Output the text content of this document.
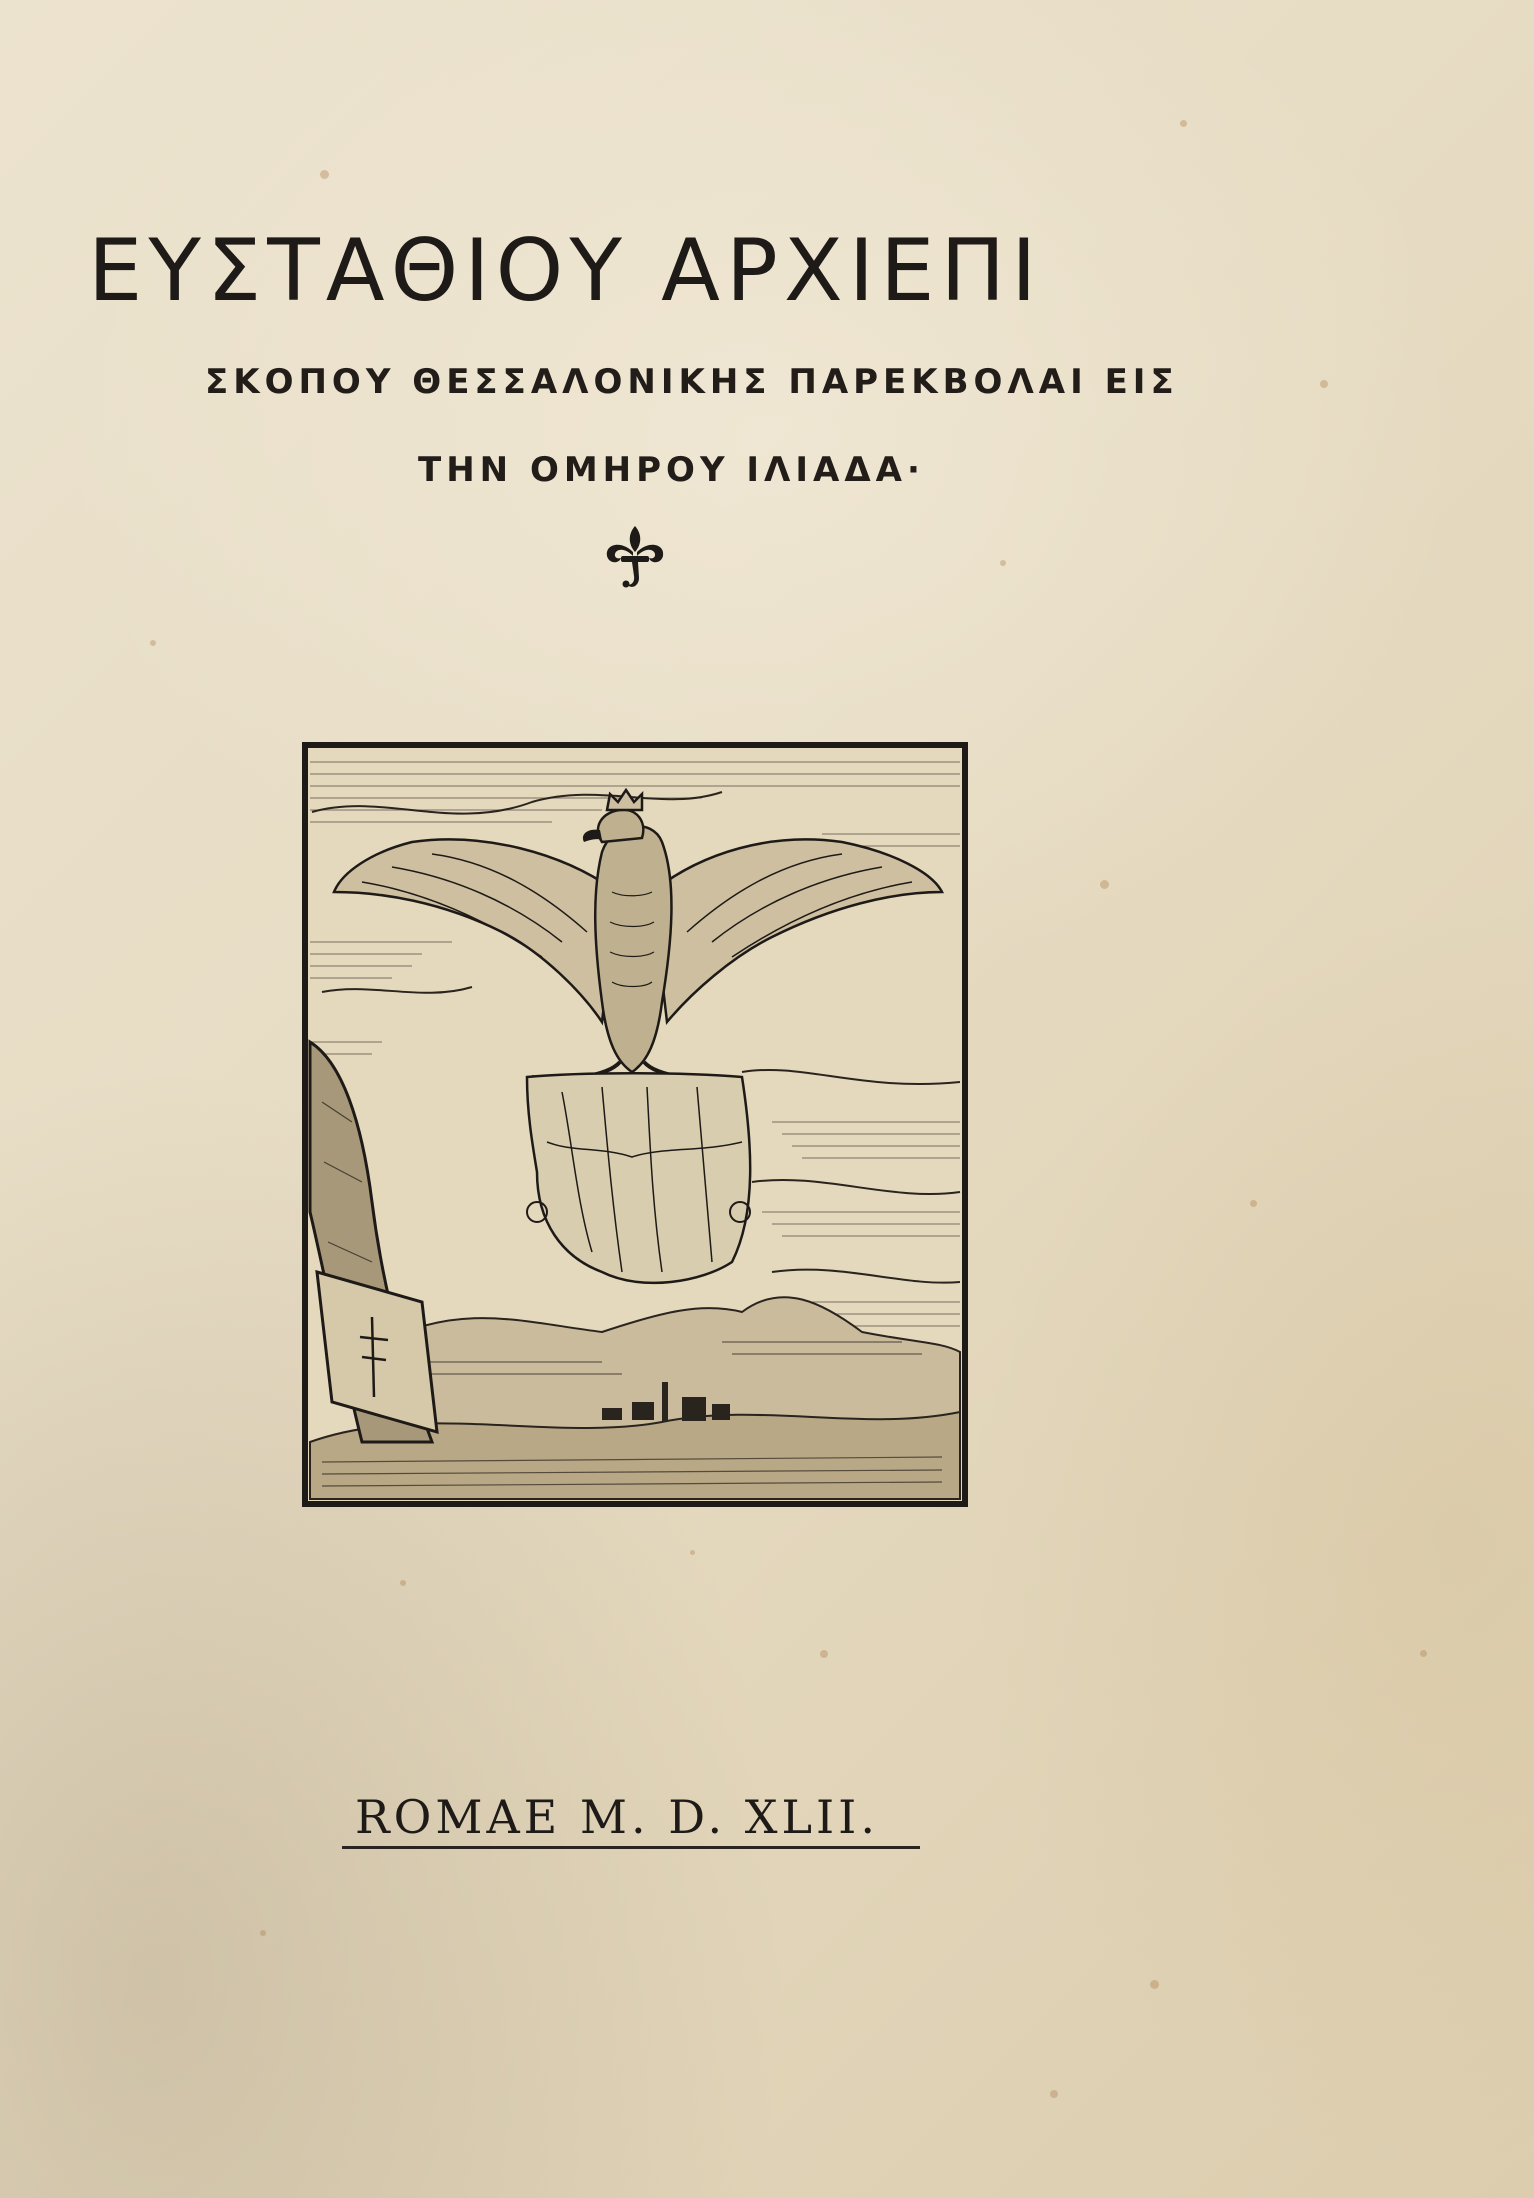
ΕΥΣΤΑΘΙΟΥ ΑΡΧΙΕΠΙ
ΣΚΟΠΟΥ ΘΕΣΣΑΛΟΝΙΚΗΣ ΠΑΡΕΚΒΟΛΑΙ ΕΙΣ
ΤΗΝ ΟΜΗΡΟΥ ΙΛΙΑΔΑ·
ROMAE M. D. XLII.
